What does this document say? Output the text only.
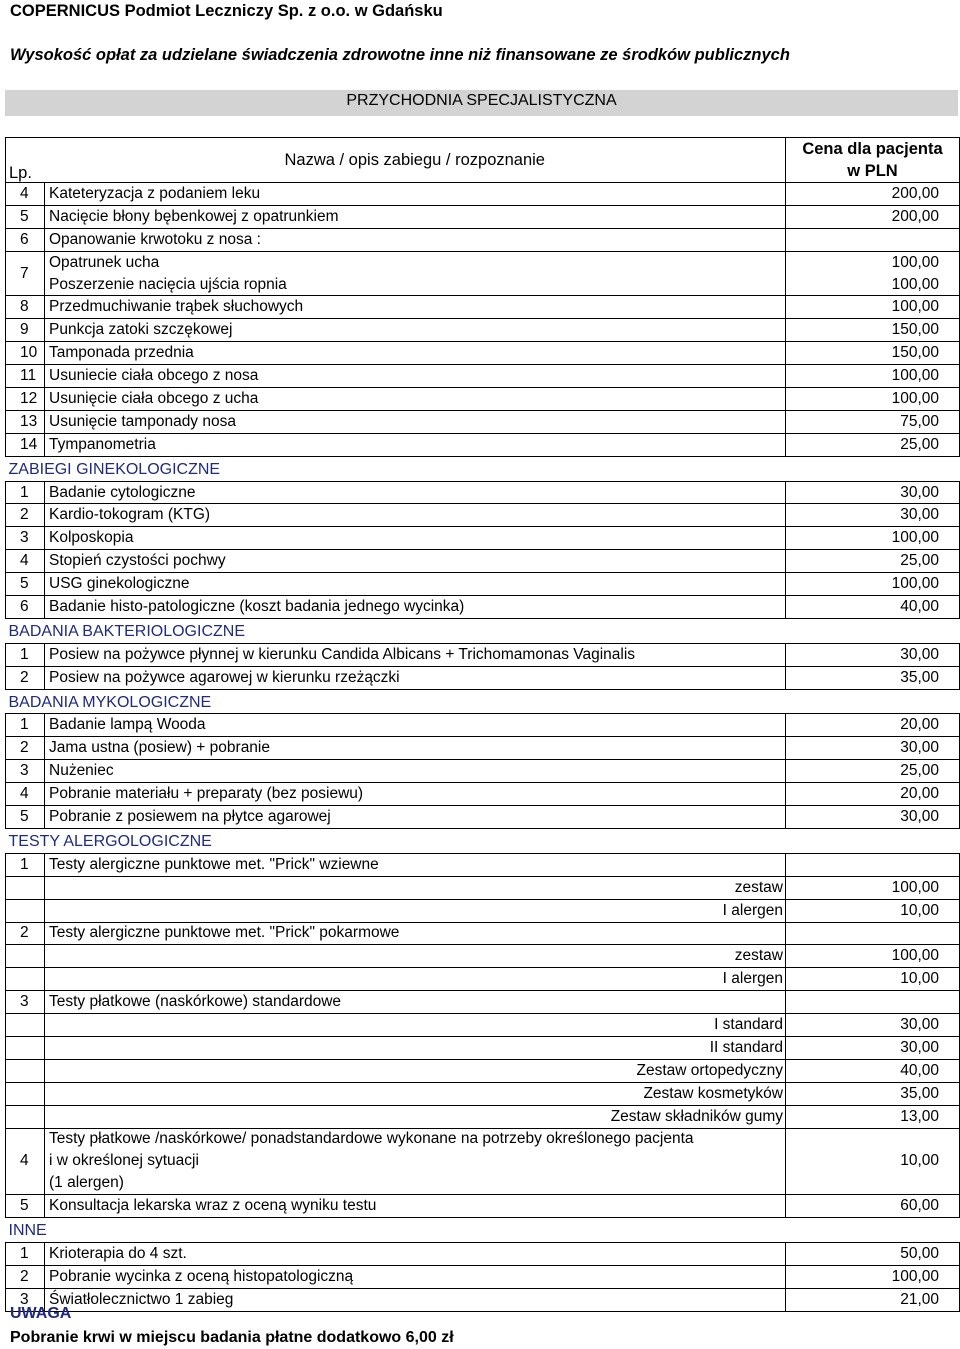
COPERNICUS Podmiot Leczniczy Sp. z o.o. w Gdańsku
Wysokość opłat za udzielane świadczenia zdrowotne inne niż finansowane ze środków publicznych
PRZYCHODNIA SPECJALISTYCZNA
Lp.	Nazwa / opis zabiegu / rozpoznanie	Cena dla pacjenta
		w PLN
4	Kateteryzacja z podaniem leku	200,00
5	Nacięcie błony bębenkowej z opatrunkiem	200,00
6	Opanowanie krwotoku z nosa :	
7	Opatrunek ucha	100,00
	Poszerzenie nacięcia ujścia ropnia	100,00
8	Przedmuchiwanie trąbek słuchowych	100,00
9	Punkcja zatoki szczękowej	150,00
10	Tamponada przednia	150,00
11	Usuniecie ciała obcego z nosa	100,00
12	Usunięcie ciała obcego z ucha	100,00
13	Usunięcie tamponady nosa	75,00
14	Tympanometria	25,00
ZABIEGI GINEKOLOGICZNE		
1	Badanie cytologiczne	30,00
2	Kardio-tokogram (KTG)	30,00
3	Kolposkopia	100,00
4	Stopień czystości pochwy	25,00
5	USG ginekologiczne	100,00
6	Badanie histo-patologiczne (koszt badania jednego wycinka)	40,00
BADANIA BAKTERIOLOGICZNE		
1	Posiew na pożywce płynnej w kierunku Candida Albicans + Trichomamonas Vaginalis	30,00
2	Posiew na pożywce agarowej w kierunku rzeżączki	35,00
BADANIA MYKOLOGICZNE		
1	Badanie lampą Wooda	20,00
2	Jama ustna (posiew) + pobranie	30,00
3	Nużeniec	25,00
4	Pobranie materiału + preparaty (bez posiewu)	20,00
5	Pobranie z posiewem na płytce agarowej	30,00
TESTY ALERGOLOGICZNE		
1	Testy alergiczne punktowe met. "Prick" wziewne	
	zestaw	100,00
	I alergen	10,00
2	Testy alergiczne punktowe met. "Prick" pokarmowe	
	zestaw	100,00
	I alergen	10,00
3	Testy płatkowe (naskórkowe) standardowe	
	I standard	30,00
	II standard	30,00
	Zestaw ortopedyczny	40,00
	Zestaw kosmetyków	35,00
	Zestaw składników gumy	13,00
4	Testy płatkowe /naskórkowe/ ponadstandardowe wykonane na potrzeby określonego pacjenta	10,00
	i w określonej sytuacji	
	(1 alergen)	
5	Konsultacja lekarska wraz z oceną wyniku testu	60,00
INNE		
1	Krioterapia do 4 szt.	50,00
2	Pobranie wycinka z oceną histopatologiczną	100,00
3	Światłolecznictwo 1 zabieg	21,00
UWAGA
Pobranie krwi w miejscu badania płatne dodatkowo 6,00 zł
